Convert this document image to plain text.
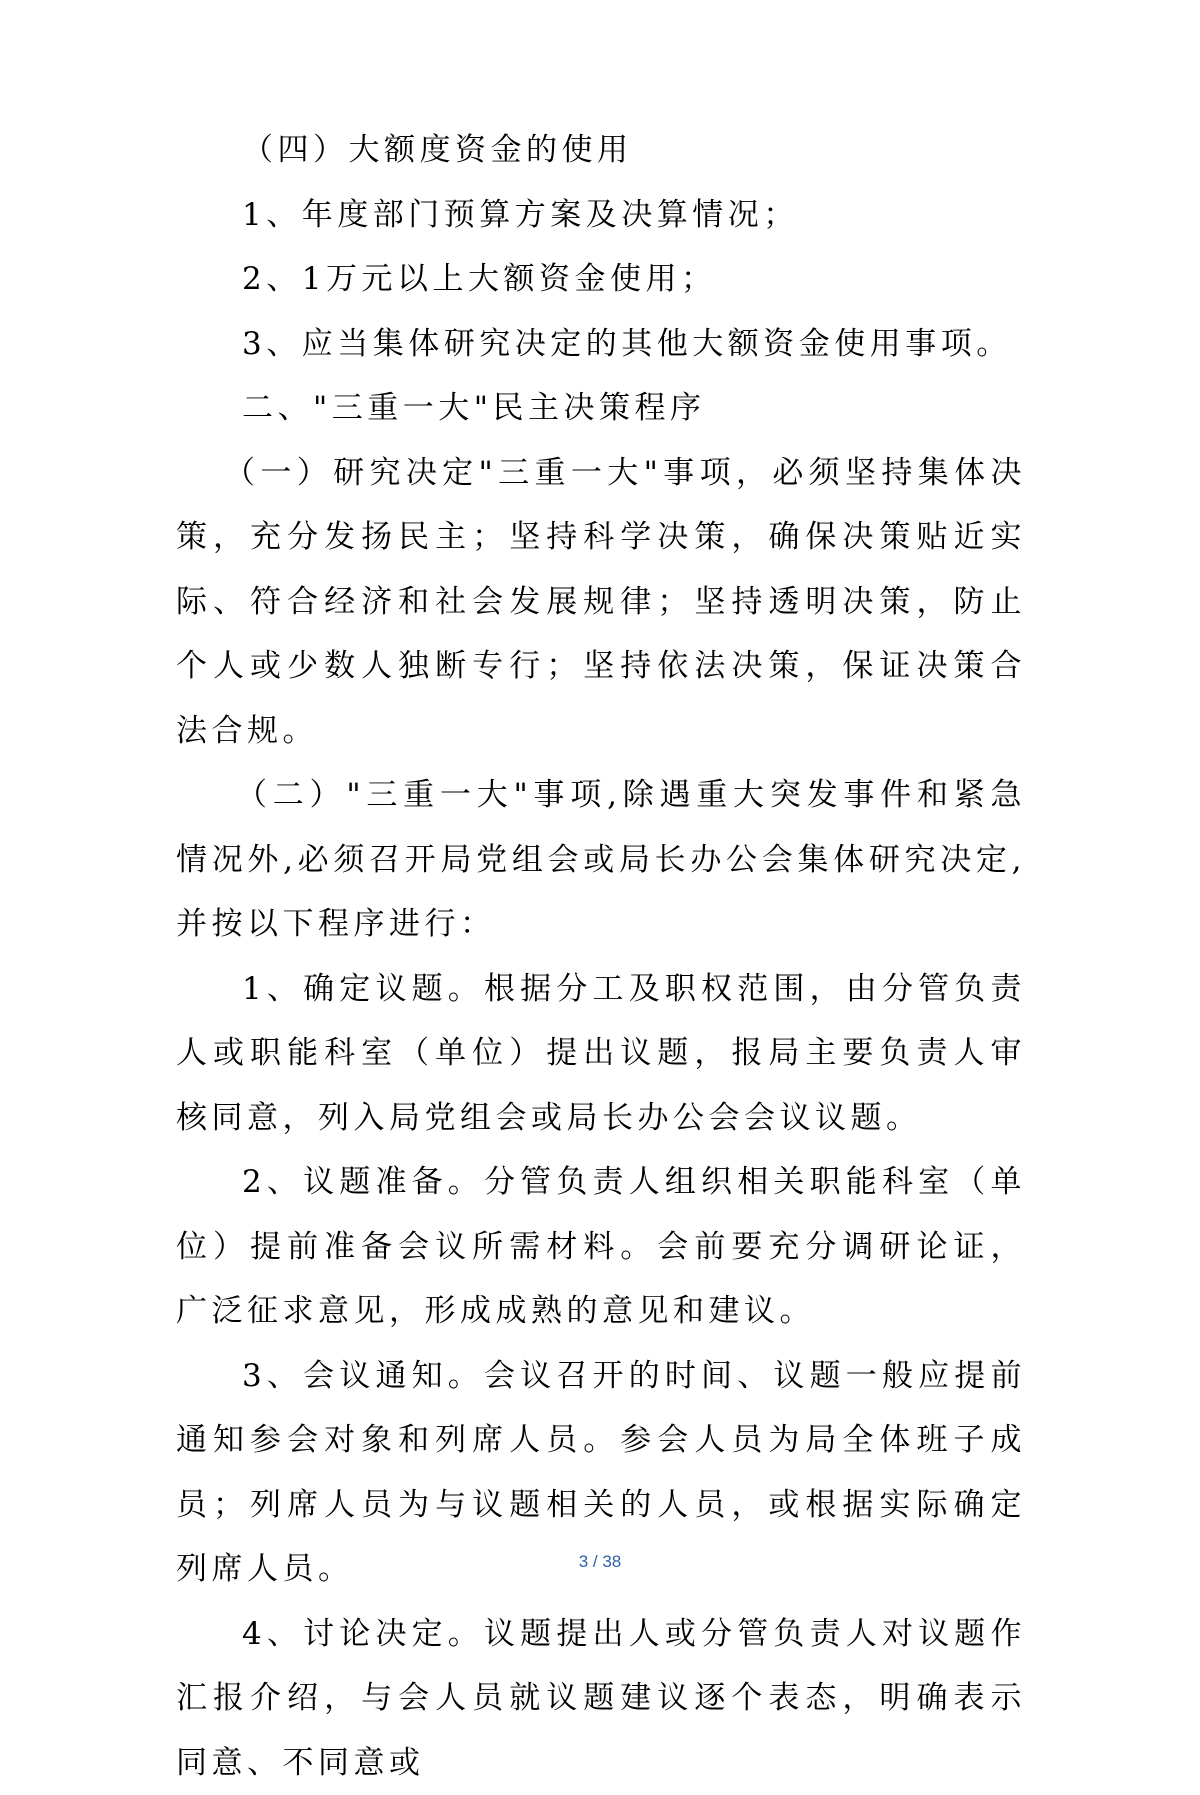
（四）大额度资金的使用

1、年度部门预算方案及决算情况；

2、1万元以上大额资金使用；

3、应当集体研究决定的其他大额资金使用事项。

二、"三重一大"民主决策程序

（一）研究决定"三重一大"事项，必须坚持集体决策，充分发扬民主；坚持科学决策，确保决策贴近实际、符合经济和社会发展规律；坚持透明决策，防止个人或少数人独断专行；坚持依法决策，保证决策合法合规。

（二）"三重一大"事项,除遇重大突发事件和紧急情况外,必须召开局党组会或局长办公会集体研究决定,并按以下程序进行：

1、确定议题。根据分工及职权范围，由分管负责人或职能科室（单位）提出议题，报局主要负责人审核同意，列入局党组会或局长办公会会议议题。

2、议题准备。分管负责人组织相关职能科室（单位）提前准备会议所需材料。会前要充分调研论证，广泛征求意见，形成成熟的意见和建议。

3、会议通知。会议召开的时间、议题一般应提前通知参会对象和列席人员。参会人员为局全体班子成员；列席人员为与议题相关的人员，或根据实际确定列席人员。

4、讨论决定。议题提出人或分管负责人对议题作汇报介绍，与会人员就议题建议逐个表态，明确表示同意、不同意或

3 / 38
